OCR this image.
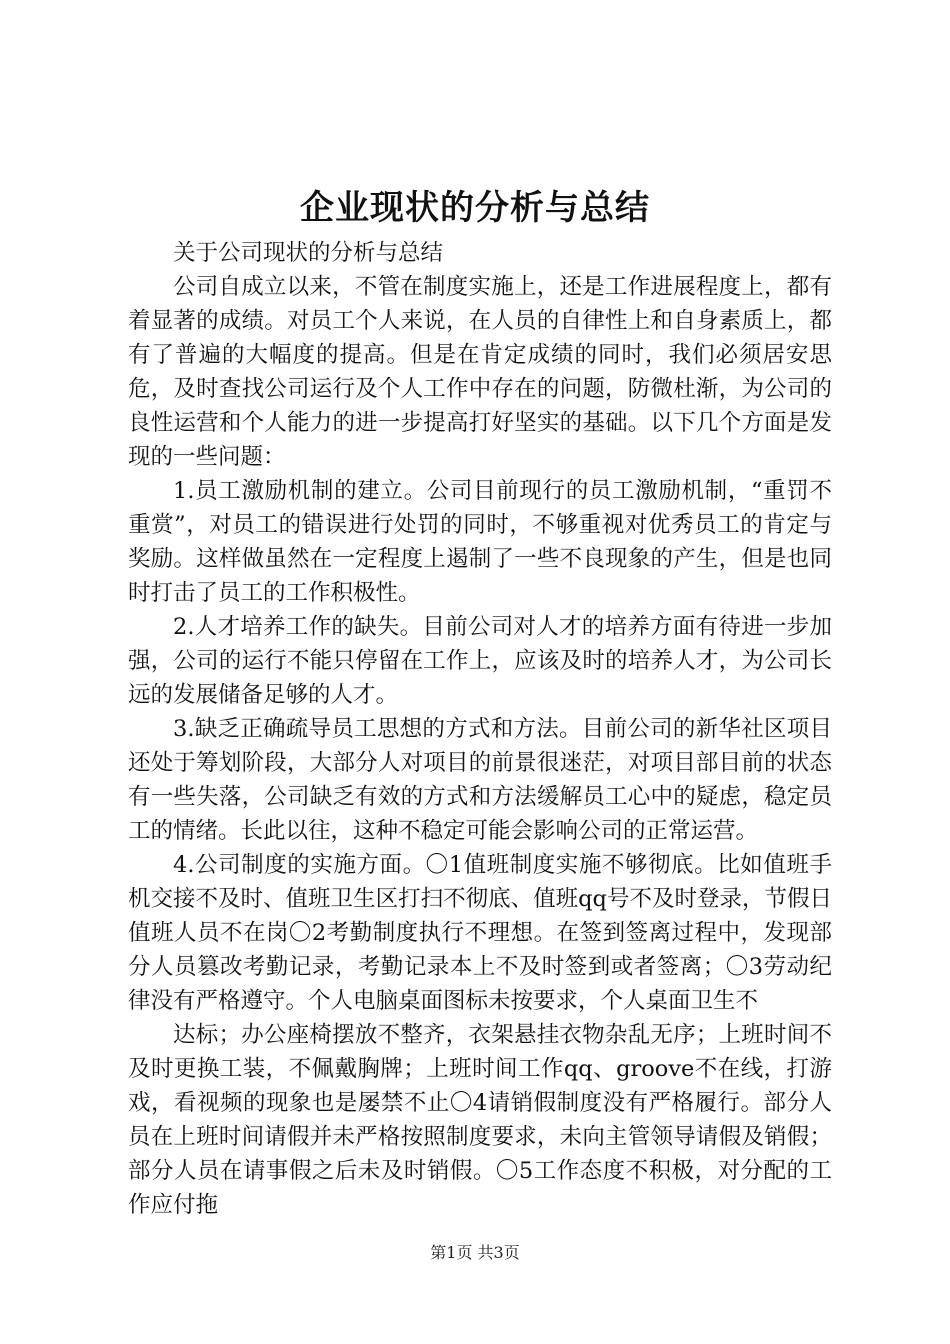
企业现状的分析与总结

关于公司现状的分析与总结

公司自成立以来，不管在制度实施上，还是工作进展程度上，都有着显著的成绩。对员工个人来说，在人员的自律性上和自身素质上，都有了普遍的大幅度的提高。但是在肯定成绩的同时，我们必须居安思危，及时查找公司运行及个人工作中存在的问题，防微杜渐，为公司的良性运营和个人能力的进一步提高打好坚实的基础。以下几个方面是发现的一些问题：

1.员工激励机制的建立。公司目前现行的员工激励机制，“重罚不重赏”，对员工的错误进行处罚的同时，不够重视对优秀员工的肯定与奖励。这样做虽然在一定程度上遏制了一些不良现象的产生，但是也同时打击了员工的工作积极性。

2.人才培养工作的缺失。目前公司对人才的培养方面有待进一步加强，公司的运行不能只停留在工作上，应该及时的培养人才，为公司长远的发展储备足够的人才。

3.缺乏正确疏导员工思想的方式和方法。目前公司的新华社区项目还处于筹划阶段，大部分人对项目的前景很迷茫，对项目部目前的状态有一些失落，公司缺乏有效的方式和方法缓解员工心中的疑虑，稳定员工的情绪。长此以往，这种不稳定可能会影响公司的正常运营。

4.公司制度的实施方面。〇1值班制度实施不够彻底。比如值班手机交接不及时、值班卫生区打扫不彻底、值班qq号不及时登录，节假日值班人员不在岗〇2考勤制度执行不理想。在签到签离过程中，发现部分人员篡改考勤记录，考勤记录本上不及时签到或者签离；〇3劳动纪律没有严格遵守。个人电脑桌面图标未按要求，个人桌面卫生不

达标；办公座椅摆放不整齐，衣架悬挂衣物杂乱无序；上班时间不及时更换工装，不佩戴胸牌；上班时间工作qq、groove不在线，打游戏，看视频的现象也是屡禁不止〇4请销假制度没有严格履行。部分人员在上班时间请假并未严格按照制度要求，未向主管领导请假及销假；部分人员在请事假之后未及时销假。〇5工作态度不积极，对分配的工作应付拖

第1页 共3页
